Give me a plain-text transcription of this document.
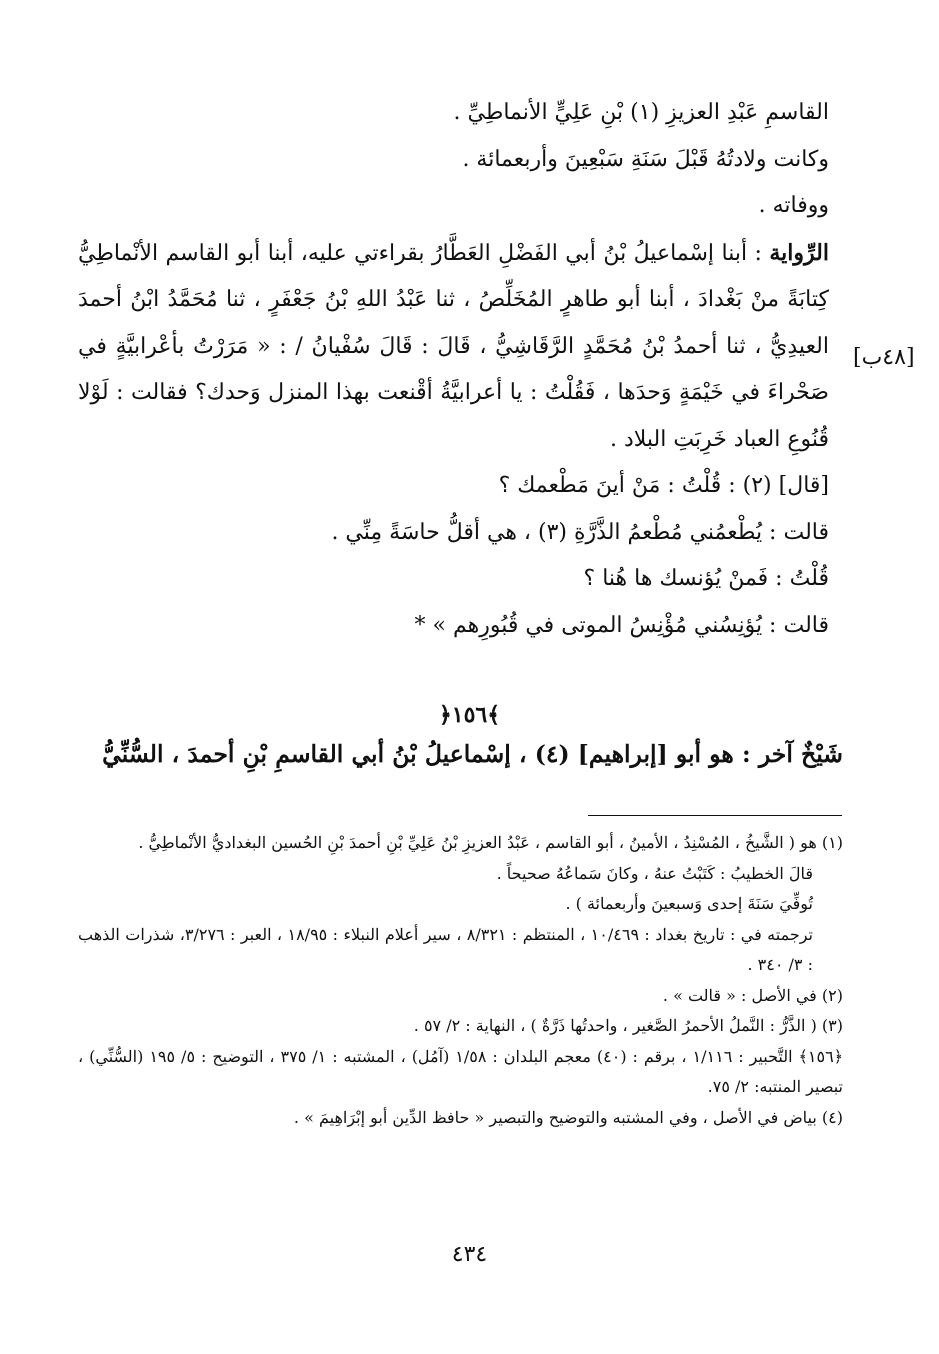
القاسمِ عَبْدِ العزيزِ (١) بْنِ عَلِيٍّ الأنماطِيِّ .

وكانت ولادتُهُ قَبْلَ سَنَةِ سَبْعِينَ وأربعمائة .

ووفاته .

الرِّواية : أبنا إسْماعيلُ بْنُ أبي الفَضْلِ العَطَّارُ بقراءتي عليه، أبنا أبو القاسم الأنْماطِيُّ كِتابَةً منْ بَغْدادَ ، أبنا أبو طاهرٍ المُخَلِّصُ ، ثنا عَبْدُ اللهِ بْنُ جَعْفَرٍ ، ثنا مُحَمَّدُ ابْنُ أحمدَ العيدِيُّ ، ثنا أحمدُ بْنُ مُحَمَّدٍ الرَّقَاشِيُّ ، قَالَ : قَالَ سُفْيانُ / : « مَرَرْتُ بأعْرابيَّةٍ في صَحْراءَ في خَيْمَةٍ وَحدَها ، فَقُلْتُ : يا أعرابيَّةُ أقْنعت بهذا المنزل وَحدك؟ فقالت : لَوْلا قُنُوعِ العباد خَرِبَتِ البلاد .

[قال] (٢) : قُلْتُ : مَنْ أينَ مَطْعمك ؟

قالت : يُطْعمُني مُطْعمُ الذَّرَّةِ (٣) ، هي أقلُّ حاسَةً مِنِّي .

قُلْتُ : فَمنْ يُؤنسك ها هُنا ؟

قالت : يُؤنِسُني مُؤْنِسُ الموتى في قُبُورِهم » *

[٤٨ب]
﴿١٥٦﴾
شَيْخٌ آخر : هو أبو [إبراهيم] (٤) ، إسْماعيلُ بْنُ أبي القاسمِ بْنِ أحمدَ ، السُّنِّيُّ

(١) هو ( الشَّيخُ ، المُسْنِدُ ، الأمينُ ، أبو القاسم ، عَبْدُ العزيزِ بْنُ عَلِيِّ بْنِ أحمدَ بْنِ الحُسين البغداديُّ الأنْماطِيُّ .

قالَ الخطيبُ : كَتَبْتُ عنهُ ، وكانَ سَماعُهُ صحيحاً .

تُوفِّيَ سَنَةَ إحدى وَسبعينَ وأربعمائة ) .

ترجمته في : تاريخ بغداد : ١٠/٤٦٩ ، المنتظم : ٨/٣٢١ ، سير أعلام النبلاء : ١٨/٩٥ ، العبر : ٣/٢٧٦، شذرات الذهب : ٣/ ٣٤٠ .

(٢) في الأصل : « قالت » .

(٣) ( الذَّرُّ : النَّملُ الأحمرُ الصَّغير ، واحدتُها ذَرَّةٌ ) ، النهاية : ٢/ ٥٧ .

﴿١٥٦﴾ التَّحبير : ١/١١٦ ، برقم : (٤٠) معجم البلدان : ١/٥٨ (آمُل) ، المشتبه : ١/ ٣٧٥ ، التوضيح : ٥/ ١٩٥ (السُّنِّي) ، تبصير المنتبه: ٢/ ٧٥.

(٤) بياض في الأصل ، وفي المشتبه والتوضيح والتبصير « حافظ الدِّين أبو إبْرَاهِيمَ » .

٤٣٤
